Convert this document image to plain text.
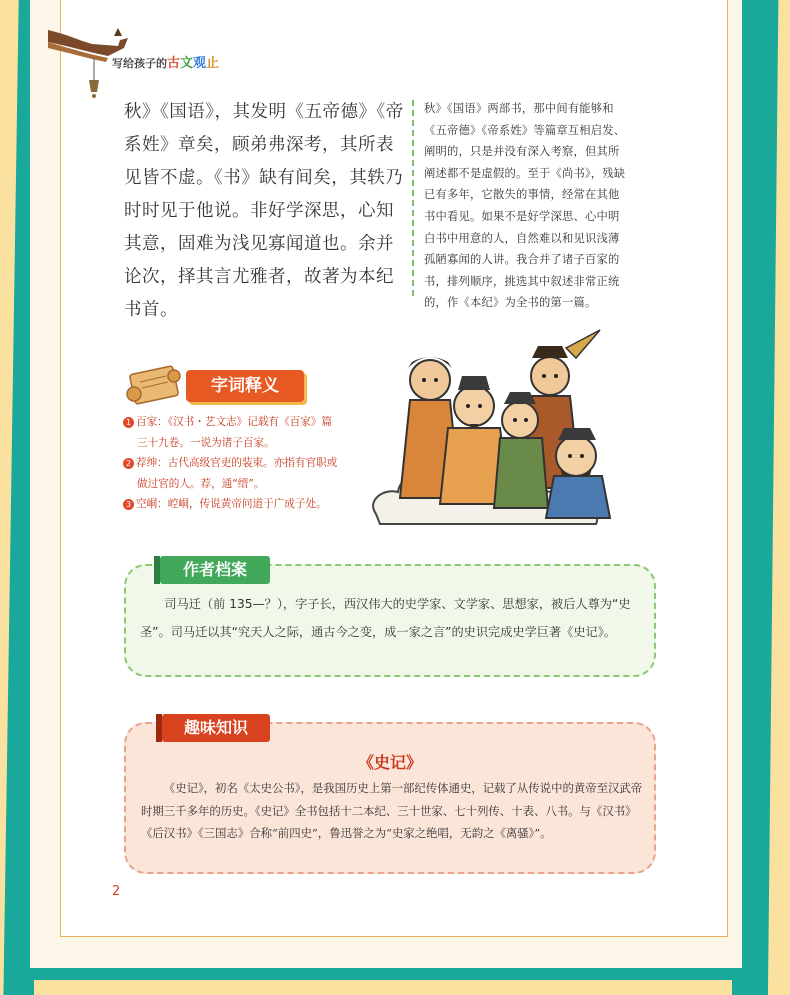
写给孩子的古文观止
秋》《国语》，其发明《五帝德》《帝
系姓》章矣，顾弟弗深考，其所表
见皆不虚。《书》缺有间矣，其轶乃
时时见于他说。非好学深思，心知
其意，固难为浅见寡闻道也。余并
论次，择其言尤雅者，故著为本纪
书首。
秋》《国语》两部书，那中间有能够和
《五帝德》《帝系姓》等篇章互相启发、
阐明的，只是并没有深入考察，但其所
阐述都不是虚假的。至于《尚书》，残缺
已有多年，它散失的事情，经常在其他
书中看见。如果不是好学深思、心中明
白书中用意的人，自然难以和见识浅薄
孤陋寡闻的人讲。我合并了诸子百家的
书，排列顺序，挑选其中叙述非常正统
的，作《本纪》为全书的第一篇。
字词释义
1 百家：《汉书・艺文志》记载有《百家》篇
三十九卷。一说为诸子百家。
2 荐绅：古代高级官吏的装束。亦指有官职或
做过官的人。荐，通“缙”。
3 空峒：崆峒，传说黄帝问道于广成子处。
作者档案
司马迁（前 135—？），字子长，西汉伟大的史学家、文学家、思想家，被后人尊为“史圣”。司马迁以其“究天人之际，通古今之变，成一家之言”的史识完成史学巨著《史记》。
趣味知识
《史记》
《史记》，初名《太史公书》，是我国历史上第一部纪传体通史，记载了从传说中的黄帝至汉武帝时期三千多年的历史。《史记》全书包括十二本纪、三十世家、七十列传、十表、八书。与《汉书》《后汉书》《三国志》合称“前四史”，鲁迅誉之为“史家之绝唱，无韵之《离骚》”。
2
